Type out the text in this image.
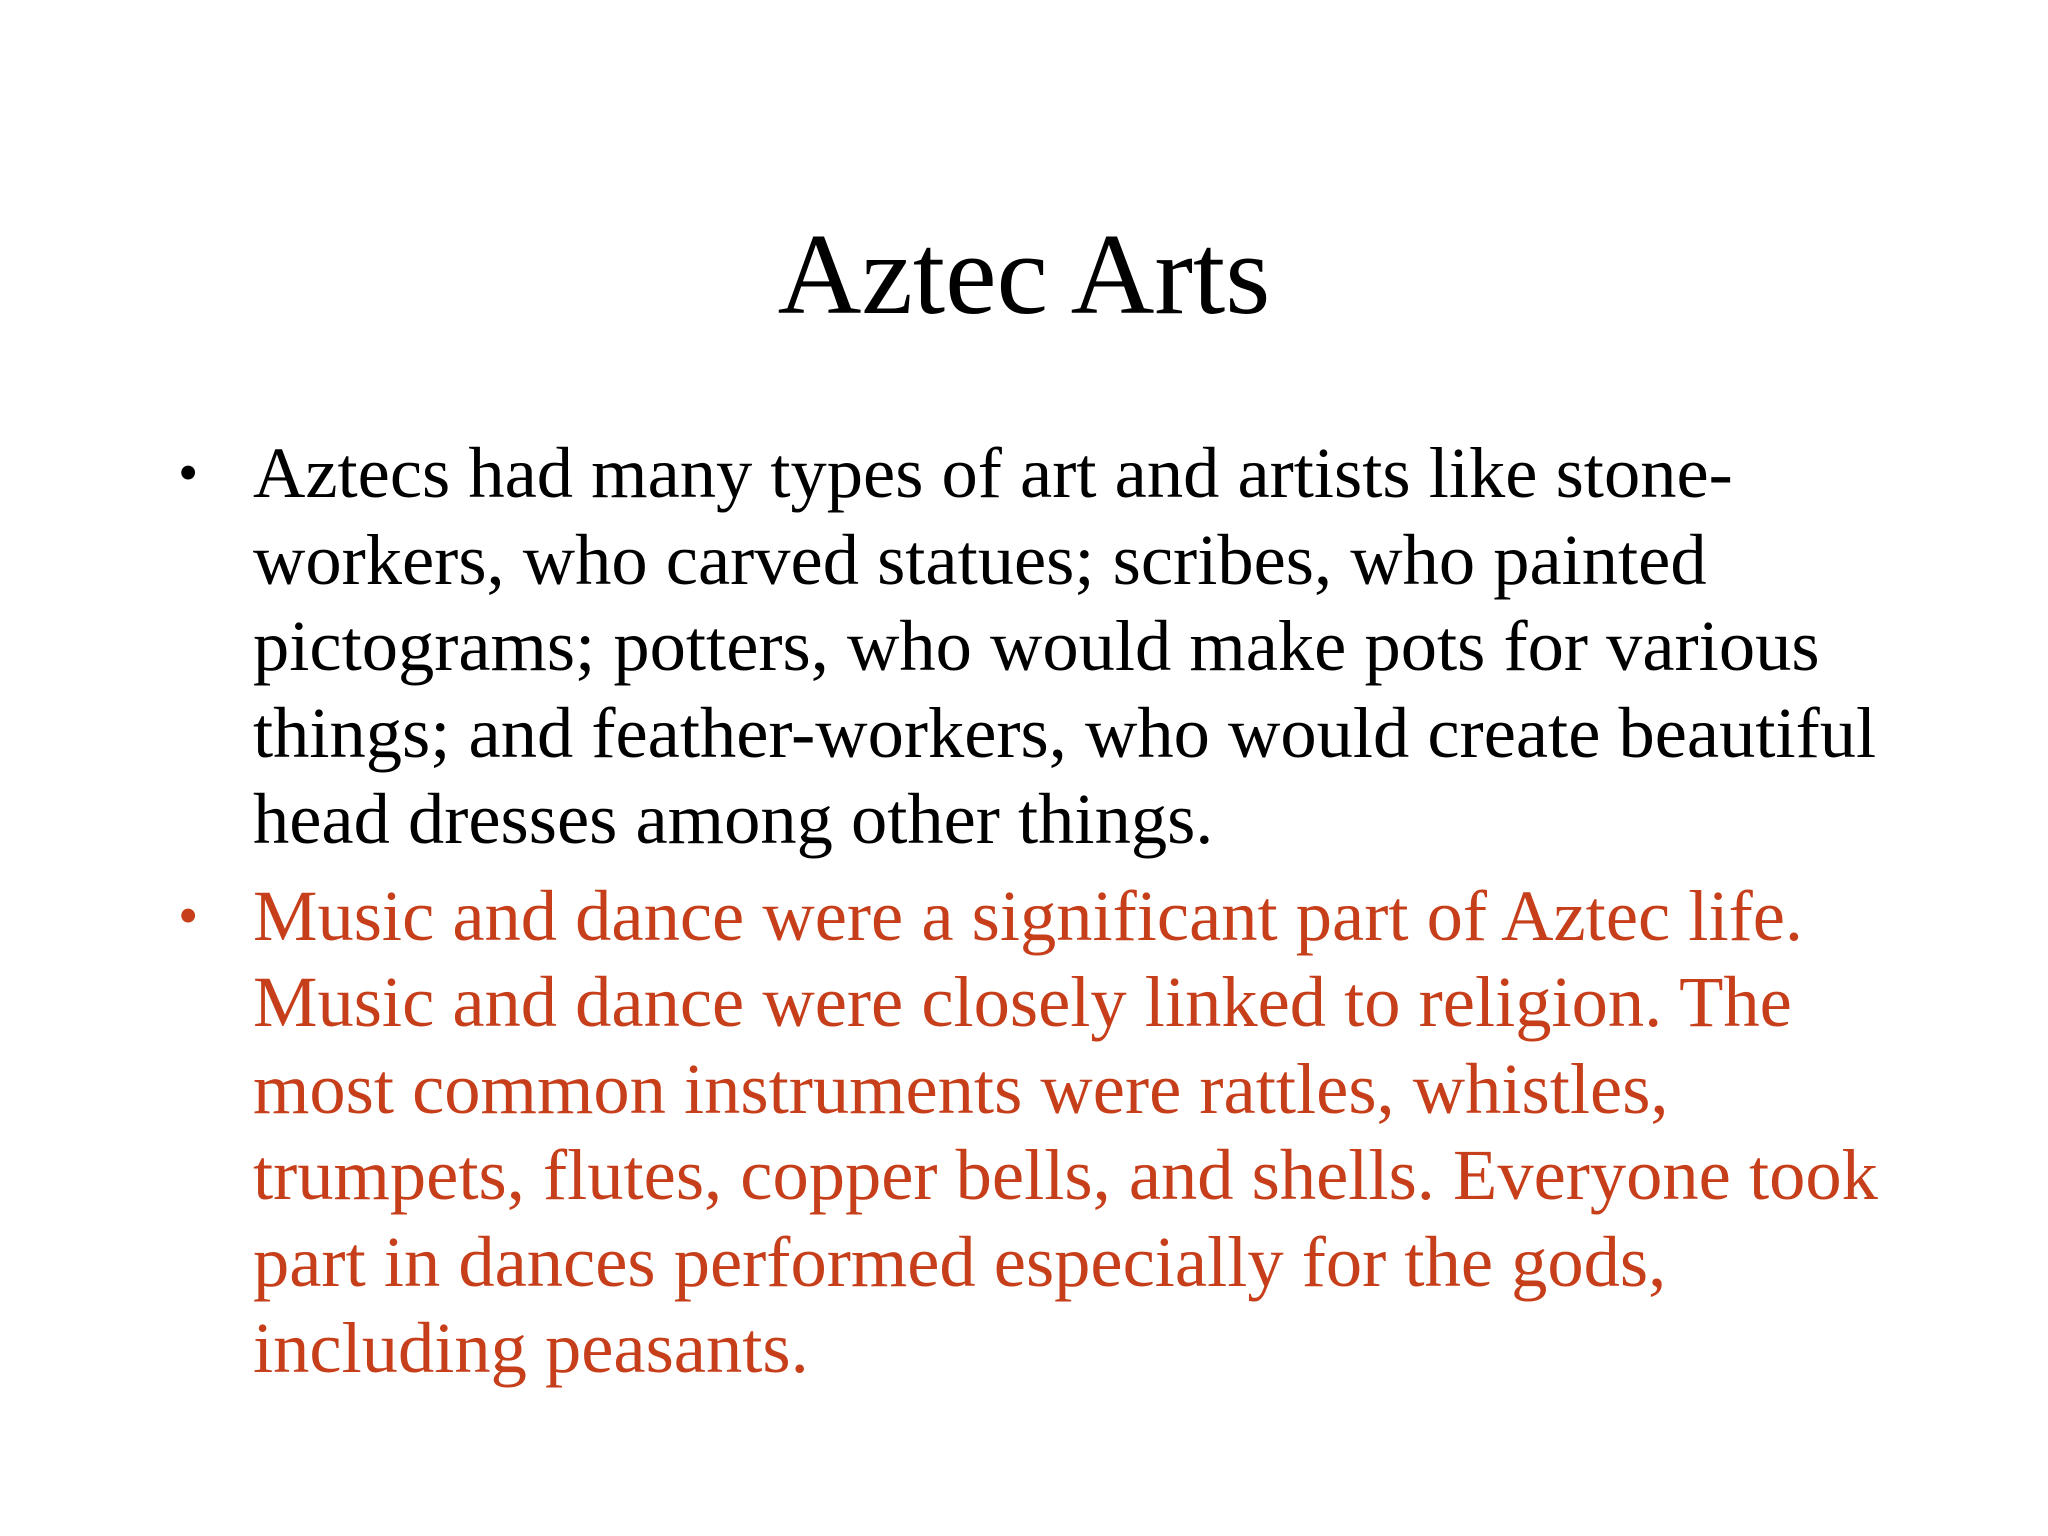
Aztec Arts
• Aztecs had many types of art and artists like stone-workers, who carved statues; scribes, who painted pictograms; potters, who would make pots for various things; and feather-workers, who would create beautiful head dresses among other things.
• Music and dance were a significant part of Aztec life. Music and dance were closely linked to religion. The most common instruments were rattles, whistles, trumpets, flutes, copper bells, and shells. Everyone took part in dances performed especially for the gods, including peasants.
